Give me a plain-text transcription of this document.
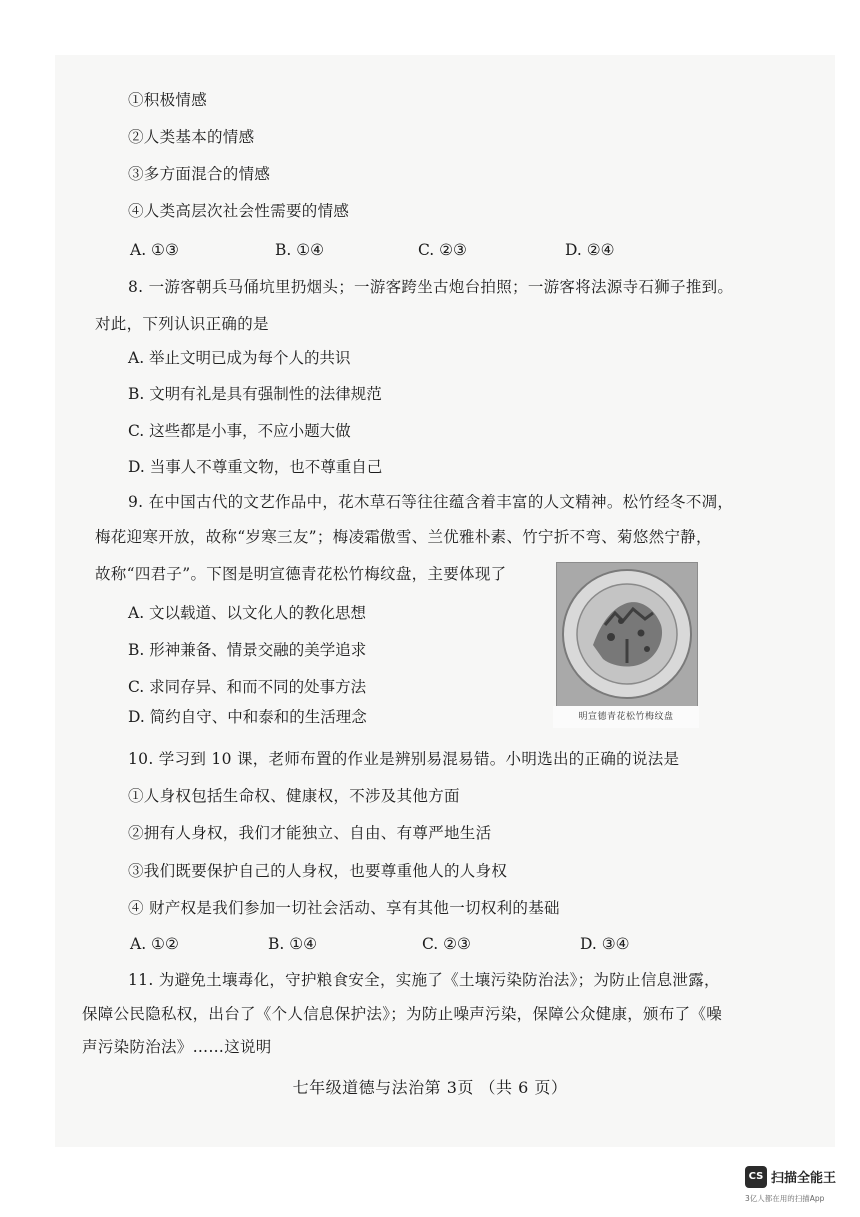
①积极情感
②人类基本的情感
③多方面混合的情感
④人类高层次社会性需要的情感
A. ①③	B. ①④	C. ②③	D. ②④
8. 一游客朝兵马俑坑里扔烟头；一游客跨坐古炮台拍照；一游客将法源寺石狮子推到。
对此，下列认识正确的是
A. 举止文明已成为每个人的共识
B. 文明有礼是具有强制性的法律规范
C. 这些都是小事，不应小题大做
D. 当事人不尊重文物，也不尊重自己
9. 在中国古代的文艺作品中，花木草石等往往蕴含着丰富的人文精神。松竹经冬不凋，
梅花迎寒开放，故称“岁寒三友”；梅凌霜傲雪、兰优雅朴素、竹宁折不弯、菊悠然宁静，
故称“四君子”。下图是明宣德青花松竹梅纹盘，主要体现了
A. 文以载道、以文化人的教化思想
B. 形神兼备、情景交融的美学追求
C. 求同存异、和而不同的处事方法
D. 简约自守、中和泰和的生活理念	明宣德青花松竹梅纹盘
10. 学习到 10 课，老师布置的作业是辨别易混易错。小明选出的正确的说法是
①人身权包括生命权、健康权，不涉及其他方面
②拥有人身权，我们才能独立、自由、有尊严地生活
③我们既要保护自己的人身权，也要尊重他人的人身权
④ 财产权是我们参加一切社会活动、享有其他一切权利的基础
A. ①②	B. ①④	C. ②③	D. ③④
11. 为避免土壤毒化，守护粮食安全，实施了《土壤污染防治法》；为防止信息泄露，
保障公民隐私权，出台了《个人信息保护法》；为防止噪声污染，保障公众健康，颁布了《噪
声污染防治法》……这说明
七年级道德与法治第 3页 （共 6 页）
CS 扫描全能王
3亿人都在用的扫描App
